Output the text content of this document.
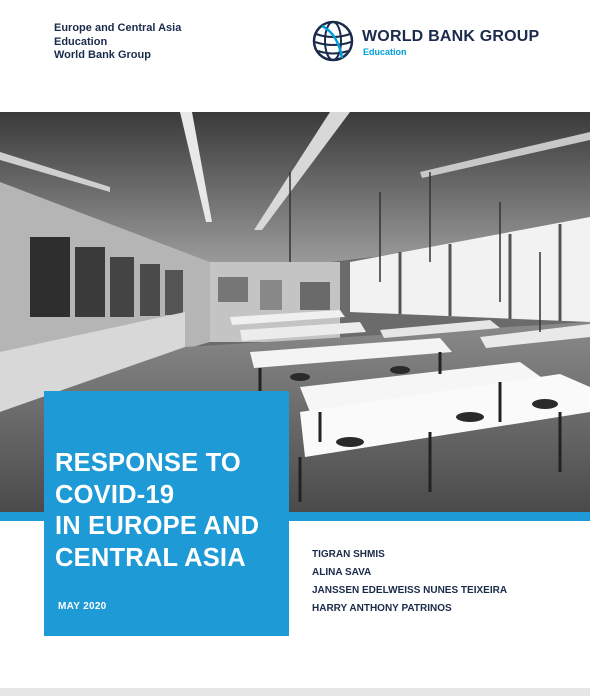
Europe and Central Asia
Education
World Bank Group
WORLD BANK GROUP
Education
RESPONSE TO
COVID-19
IN EUROPE AND
CENTRAL ASIA
MAY 2020
TIGRAN SHMIS
ALINA SAVA
JANSSEN EDELWEISS NUNES TEIXEIRA
HARRY ANTHONY PATRINOS
